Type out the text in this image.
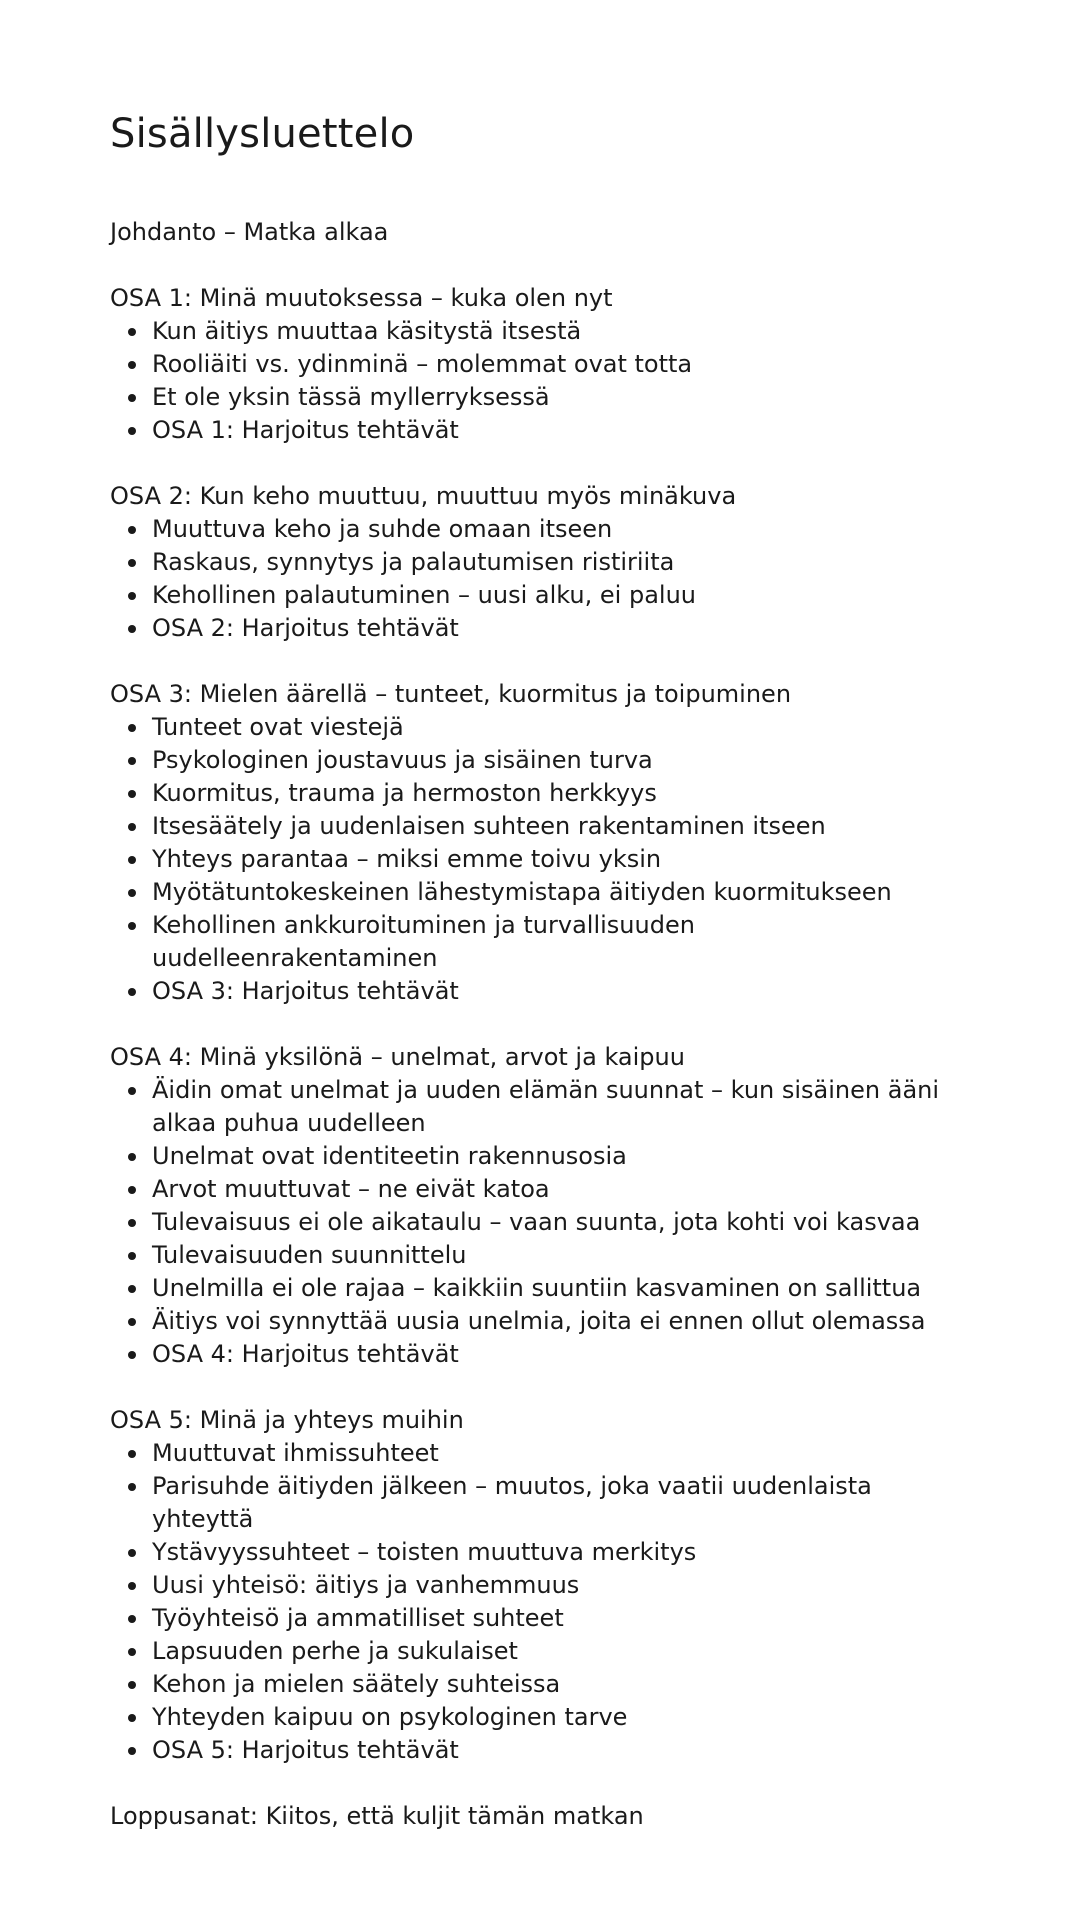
Sisällysluettelo

Johdanto – Matka alkaa

OSA 1: Minä muutoksessa – kuka olen nyt

Kun äitiys muuttaa käsitystä itsestä
Rooliäiti vs. ydinminä – molemmat ovat totta
Et ole yksin tässä myllerryksessä
OSA 1: Harjoitus tehtävät

OSA 2: Kun keho muuttuu, muuttuu myös minäkuva

Muuttuva keho ja suhde omaan itseen
Raskaus, synnytys ja palautumisen ristiriita
Kehollinen palautuminen – uusi alku, ei paluu
OSA 2: Harjoitus tehtävät

OSA 3: Mielen äärellä – tunteet, kuormitus ja toipuminen

Tunteet ovat viestejä
Psykologinen joustavuus ja sisäinen turva
Kuormitus, trauma ja hermoston herkkyys
Itsesäätely ja uudenlaisen suhteen rakentaminen itseen
Yhteys parantaa – miksi emme toivu yksin
Myötätuntokeskeinen lähestymistapa äitiyden kuormitukseen
Kehollinen ankkuroituminen ja turvallisuuden uudelleenrakentaminen
OSA 3: Harjoitus tehtävät

OSA 4: Minä yksilönä – unelmat, arvot ja kaipuu

Äidin omat unelmat ja uuden elämän suunnat – kun sisäinen ääni alkaa puhua uudelleen
Unelmat ovat identiteetin rakennusosia
Arvot muuttuvat – ne eivät katoa
Tulevaisuus ei ole aikataulu – vaan suunta, jota kohti voi kasvaa
Tulevaisuuden suunnittelu
Unelmilla ei ole rajaa – kaikkiin suuntiin kasvaminen on sallittua
Äitiys voi synnyttää uusia unelmia, joita ei ennen ollut olemassa
OSA 4: Harjoitus tehtävät

OSA 5: Minä ja yhteys muihin

Muuttuvat ihmissuhteet
Parisuhde äitiyden jälkeen – muutos, joka vaatii uudenlaista yhteyttä
Ystävyyssuhteet – toisten muuttuva merkitys
Uusi yhteisö: äitiys ja vanhemmuus
Työyhteisö ja ammatilliset suhteet
Lapsuuden perhe ja sukulaiset
Kehon ja mielen säätely suhteissa
Yhteyden kaipuu on psykologinen tarve
OSA 5: Harjoitus tehtävät

Loppusanat: Kiitos, että kuljit tämän matkan
